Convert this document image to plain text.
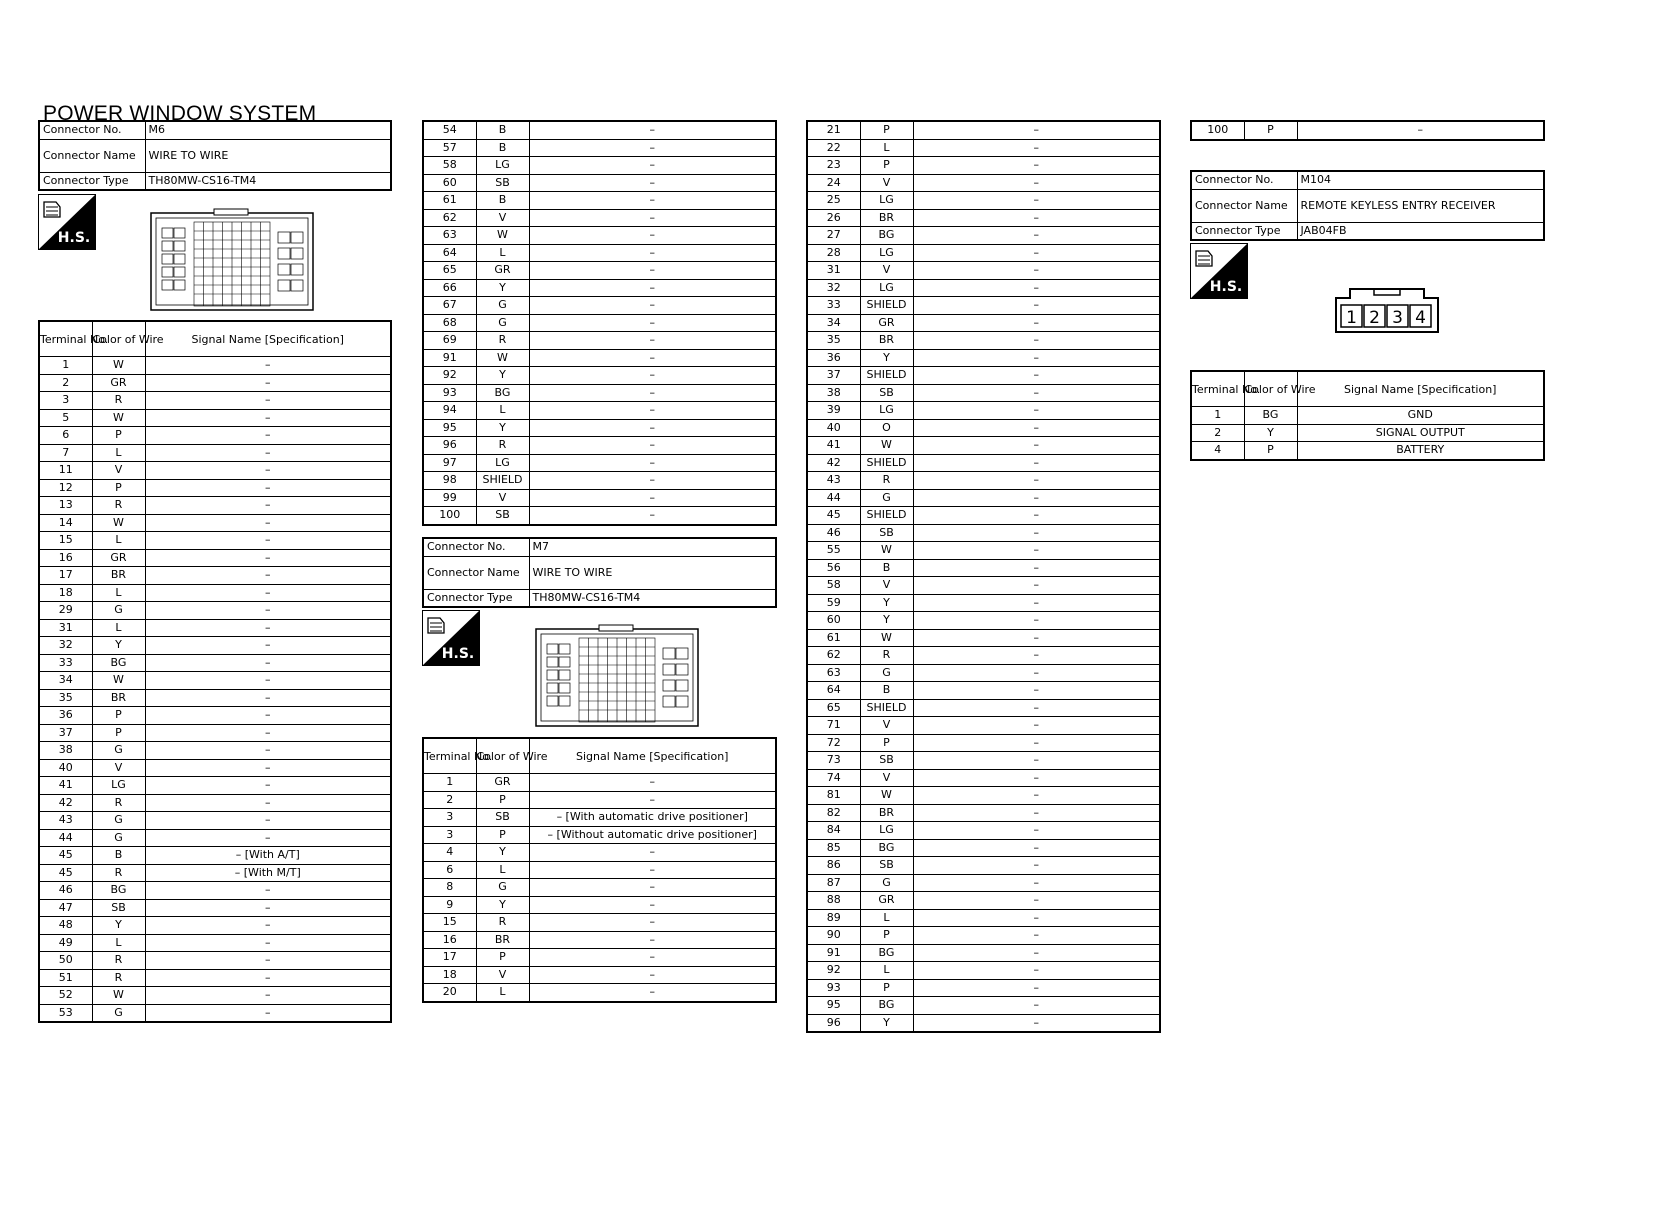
POWER WINDOW SYSTEM
Connector No.	M6
Connector Name	WIRE TO WIRE
Connector Type	TH80MW-CS16-TM4
H.S.
Terminal No.	Color of Wire	Signal Name [Specification]
1	W	–
2	GR	–
3	R	–
5	W	–
6	P	–
7	L	–
11	V	–
12	P	–
13	R	–
14	W	–
15	L	–
16	GR	–
17	BR	–
18	L	–
29	G	–
31	L	–
32	Y	–
33	BG	–
34	W	–
35	BR	–
36	P	–
37	P	–
38	G	–
40	V	–
41	LG	–
42	R	–
43	G	–
44	G	–
45	B	– [With A/T]
45	R	– [With M/T]
46	BG	–
47	SB	–
48	Y	–
49	L	–
50	R	–
51	R	–
52	W	–
53	G	–
54	B	–
57	B	–
58	LG	–
60	SB	–
61	B	–
62	V	–
63	W	–
64	L	–
65	GR	–
66	Y	–
67	G	–
68	G	–
69	R	–
91	W	–
92	Y	–
93	BG	–
94	L	–
95	Y	–
96	R	–
97	LG	–
98	SHIELD	–
99	V	–
100	SB	–
Connector No.	M7
Connector Name	WIRE TO WIRE
Connector Type	TH80MW-CS16-TM4
H.S.
Terminal No.	Color of Wire	Signal Name [Specification]
1	GR	–
2	P	–
3	SB	– [With automatic drive positioner]
3	P	– [Without automatic drive positioner]
4	Y	–
6	L	–
8	G	–
9	Y	–
15	R	–
16	BR	–
17	P	–
18	V	–
20	L	–
21	P	–
22	L	–
23	P	–
24	V	–
25	LG	–
26	BR	–
27	BG	–
28	LG	–
31	V	–
32	LG	–
33	SHIELD	–
34	GR	–
35	BR	–
36	Y	–
37	SHIELD	–
38	SB	–
39	LG	–
40	O	–
41	W	–
42	SHIELD	–
43	R	–
44	G	–
45	SHIELD	–
46	SB	–
55	W	–
56	B	–
58	V	–
59	Y	–
60	Y	–
61	W	–
62	R	–
63	G	–
64	B	–
65	SHIELD	–
71	V	–
72	P	–
73	SB	–
74	V	–
81	W	–
82	BR	–
84	LG	–
85	BG	–
86	SB	–
87	G	–
88	GR	–
89	L	–
90	P	–
91	BG	–
92	L	–
93	P	–
95	BG	–
96	Y	–
100	P	–
Connector No.	M104
Connector Name	REMOTE KEYLESS ENTRY RECEIVER
Connector Type	JAB04FB
H.S.
1 2 3 4
Terminal No.	Color of Wire	Signal Name [Specification]
1	BG	GND
2	Y	SIGNAL OUTPUT
4	P	BATTERY
